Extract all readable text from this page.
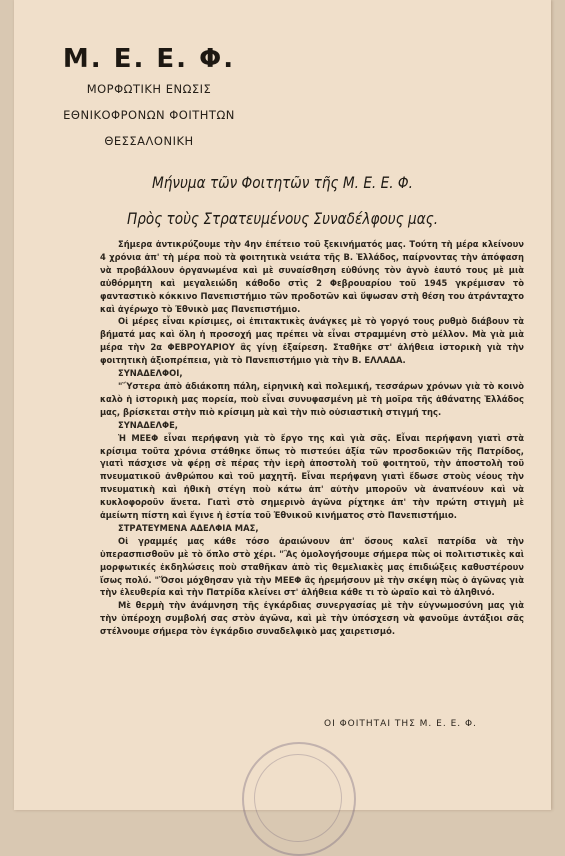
Μ. Ε. Ε. Φ.
ΜΟΡΦΩΤΙΚΗ ΕΝΩΣΙΣ
ΕΘΝΙΚΟΦΡΟΝΩΝ ΦΟΙΤΗΤΩΝ
ΘΕΣΣΑΛΟΝΙΚΗ
Μήνυμα τῶν Φοιτητῶν τῆς Μ. Ε. Ε. Φ.
Πρὸς τοὺς Στρατευμένους Συναδέλφους μας.

Σήμερα ἀντικρύζουμε τὴν 4ην ἐπέτειο τοῦ ξεκινήματός μας. Τούτη τὴ μέρα κλείνουν 4 χρόνια ἀπ' τὴ μέρα ποὺ τὰ φοιτητικὰ νειάτα τῆς Β. Ἑλλάδος, παίρνοντας τὴν ἀπόφαση νὰ προβάλλουν ὀργανωμένα καὶ μὲ συναίσθηση εὐθύνης τὸν ἁγνὸ ἑαυτό τους μὲ μιὰ αὐθόρμητη καὶ μεγαλειώδη κάθοδο στὶς 2 Φεβρουαρίου τοῦ 1945 γκρέμισαν τὸ φανταστικὸ κόκκινο Πανεπιστήμιο τῶν προδοτῶν καὶ ὕψωσαν στὴ θέση του ἀτράνταχτο καὶ ἀγέρωχο τὸ Ἐθνικὸ μας Πανεπιστήμιο.

Οἱ μέρες εἶναι κρίσιμες, οἱ ἐπιτακτικὲς ἀνάγκες μὲ τὸ γοργό τους ρυθμὸ διάβουν τὰ βήματά μας καὶ ὅλη ἡ προσοχή μας πρέπει νὰ εἶναι στραμμένη στὸ μέλλον. Μὰ γιὰ μιὰ μέρα τὴν 2α ΦΕΒΡΟΥΑΡΙΟΥ ἂς γίνῃ ἐξαίρεση. Σταθῆκε στ' ἀλήθεια ἱστορικὴ γιὰ τὴν φοιτητικὴ ἀξιοπρέπεια, γιὰ τὸ Πανεπιστήμιο γιὰ τὴν Β. ΕΛΛΑΔΑ.

ΣΥΝΑΔΕΛΦΟΙ,

"Ὕστερα ἀπὸ ἀδιάκοπη πάλη, εἰρηνικὴ καὶ πολεμική, τεσσάρων χρόνων γιὰ τὸ κοινὸ καλὸ ἡ ἱστορικὴ μας πορεία, ποὺ εἶναι συνυφασμένη μὲ τὴ μοῖρα τῆς ἀθάνατης Ἑλλάδος μας, βρίσκεται στὴν πιὸ κρίσιμη μὰ καὶ τὴν πιὸ οὐσιαστικὴ στιγμή της.

ΣΥΝΑΔΕΛΦΕ,

Ἡ ΜΕΕΦ εἶναι περήφανη γιὰ τὸ ἔργο της καὶ γιὰ σᾶς. Εἶναι περήφανη γιατὶ στὰ κρίσιμα τοῦτα χρόνια στάθηκε ὅπως τὸ πιστεύει ἀξία τῶν προσδοκιῶν τῆς Πατρίδος, γιατὶ πάσχισε νὰ φέρῃ σὲ πέρας τὴν ἱερὴ ἀποστολὴ τοῦ φοιτητοῦ, τὴν ἀποστολὴ τοῦ πνευματικοῦ ἀνθρώπου καὶ τοῦ μαχητῆ. Εἶναι περήφανη γιατὶ ἔδωσε στοὺς νέους τὴν πνευματικὴ καὶ ἠθικὴ στέγη ποὺ κάτω ἀπ' αὐτὴν μποροῦν νὰ ἀναπνέουν καὶ νὰ κυκλοφοροῦν ἄνετα. Γιατὶ στὸ σημερινὸ ἀγῶνα ρίχτηκε ἀπ' τὴν πρώτη στιγμὴ μὲ ἀμείωτη πίστη καὶ ἔγινε ἡ ἑστία τοῦ Ἐθνικοῦ κινήματος στὸ Πανεπιστήμιο.

ΣΤΡΑΤΕΥΜΕΝΑ ΑΔΕΛΦΙΑ ΜΑΣ,

Οἱ γραμμές μας κάθε τόσο ἀραιώνουν ἀπ' ὅσους καλεῖ πατρίδα νὰ τὴν ὑπερασπισθοῦν μὲ τὸ ὅπλο στὸ χέρι. "Ἂς ὁμολογήσουμε σήμερα πὼς οἱ πολιτιστικὲς καὶ μορφωτικές ἐκδηλώσεις ποὺ σταθῆκαν ἀπὸ τὶς θεμελιακὲς μας ἐπιδιώξεις καθυστέρουν ἴσως πολύ. "Ὅσοι μόχθησαν γιὰ τὴν ΜΕΕΦ ἂς ἠρεμήσουν μὲ τὴν σκέψη πὼς ὁ ἀγῶνας γιὰ τὴν ἐλευθερία καὶ τὴν Πατρίδα κλείνει στ' ἀλήθεια κάθε τι τὸ ὡραῖο καὶ τὸ ἀληθινό.

Μὲ θερμὴ τὴν ἀνάμνηση τῆς ἐγκάρδιας συνεργασίας μὲ τὴν εὐγνωμοσύνη μας γιὰ τὴν ὑπέροχη συμβολή σας στὸν ἀγῶνα, καὶ μὲ τὴν ὑπόσχεση νὰ φανοῦμε ἀντάξιοι σᾶς στέλνουμε σήμερα τὸν ἐγκάρδιο συναδελφικὸ μας χαιρετισμό.

ΟΙ ΦΟΙΤΗΤΑΙ ΤΗΣ Μ. Ε. Ε. Φ.
